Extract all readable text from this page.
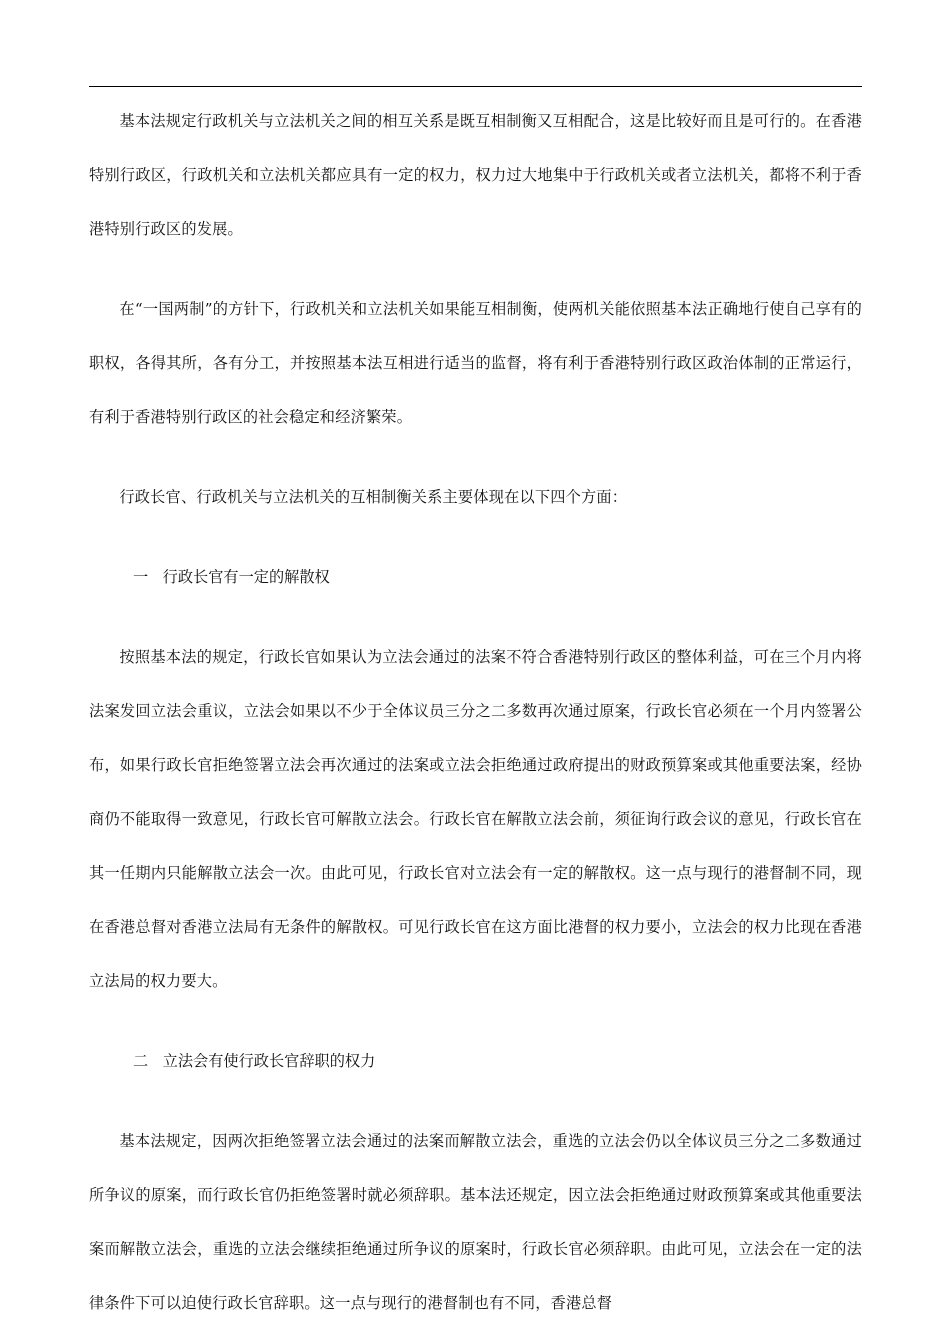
基本法规定行政机关与立法机关之间的相互关系是既互相制衡又互相配合，这是比较好而且是可行的。在香港特别行政区，行政机关和立法机关都应具有一定的权力，权力过大地集中于行政机关或者立法机关，都将不利于香港特别行政区的发展。

在“一国两制”的方针下，行政机关和立法机关如果能互相制衡，使两机关能依照基本法正确地行使自己享有的职权，各得其所，各有分工，并按照基本法互相进行适当的监督，将有利于香港特别行政区政治体制的正常运行，有利于香港特别行政区的社会稳定和经济繁荣。

行政长官、行政机关与立法机关的互相制衡关系主要体现在以下四个方面：

一   行政长官有一定的解散权

按照基本法的规定，行政长官如果认为立法会通过的法案不符合香港特别行政区的整体利益，可在三个月内将法案发回立法会重议，立法会如果以不少于全体议员三分之二多数再次通过原案，行政长官必须在一个月内签署公布，如果行政长官拒绝签署立法会再次通过的法案或立法会拒绝通过政府提出的财政预算案或其他重要法案，经协商仍不能取得一致意见，行政长官可解散立法会。行政长官在解散立法会前，须征询行政会议的意见，行政长官在其一任期内只能解散立法会一次。由此可见，行政长官对立法会有一定的解散权。这一点与现行的港督制不同，现在香港总督对香港立法局有无条件的解散权。可见行政长官在这方面比港督的权力要小，立法会的权力比现在香港立法局的权力要大。

二   立法会有使行政长官辞职的权力

基本法规定，因两次拒绝签署立法会通过的法案而解散立法会，重选的立法会仍以全体议员三分之二多数通过所争议的原案，而行政长官仍拒绝签署时就必须辞职。基本法还规定，因立法会拒绝通过财政预算案或其他重要法案而解散立法会，重选的立法会继续拒绝通过所争议的原案时，行政长官必须辞职。由此可见，立法会在一定的法律条件下可以迫使行政长官辞职。这一点与现行的港督制也有不同，香港总督
